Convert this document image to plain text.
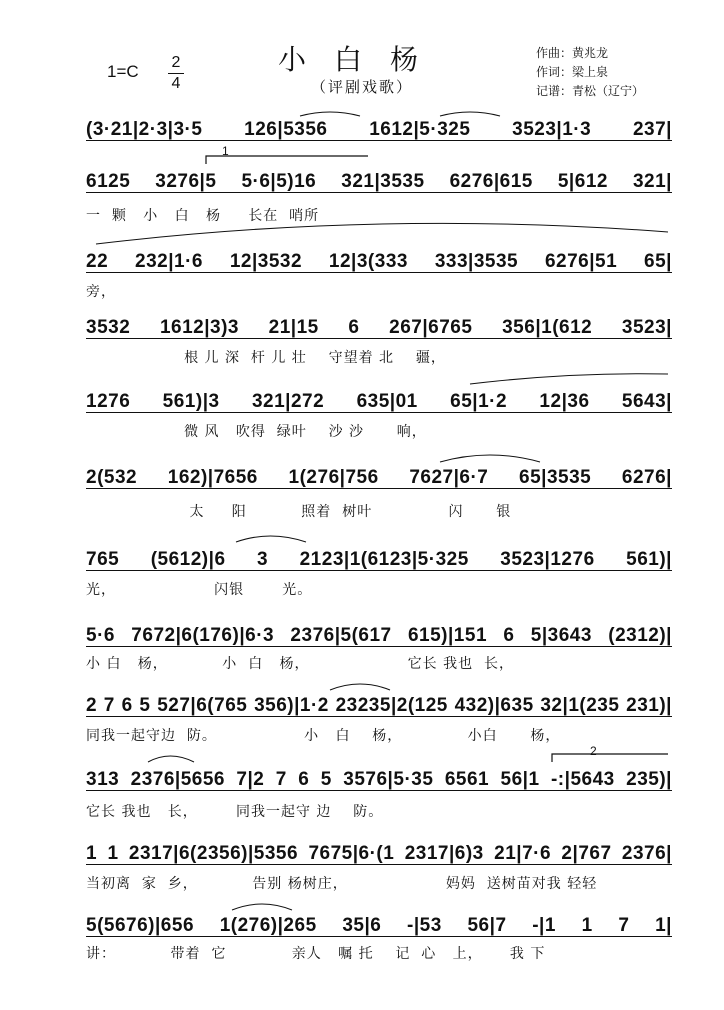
小白杨
（评剧戏歌）
1=C 2
4
作曲：黄兆龙
作词：梁上泉
记谱：青松（辽宁）
(3·21|2·3|3·5 126|5356 1612|5·325 3523|1·3 237|
1
6125 3276|5 5·6|5)16 321|3535 6276|615 5|612 321|
一  颗   小   白   杨     长在  哨所
22 232|1·6 12|3532 12|3(333 333|3535 6276|51 65|
旁，
3532 1612|3)3 21|15 6 267|6765 356|1(612 3523|
根 儿 深  杆 儿 壮    守望着 北    疆，
1276 561)|3 321|272 635|01 65|1·2 12|36 5643|
微 风   吹得  绿叶    沙 沙      响，
2(532 162)|7656 1(276|756 7627|6·7 65|3535 6276|
太     阳          照着  树叶              闪      银
765 (5612)|6 3 2123|1(6123|5·325 3523|1276 561)|
光，                  闪银       光。
5·6 7672|6(176)|6·3 2376|5(617 615)|151 6 5|3643 (2312)|
小 白   杨，          小  白   杨，                  它长 我也  长，
2 7 6 5 527|6(765 356)|1·2 23235|2(125 432)|635 32|1(235 231)|
同我一起守边  防。                小   白    杨，            小白      杨，
2
313 2376|5656 7|2 7 6 5 3576|5·35 6561 56|1 -:|5643 235)|
它长 我也   长，       同我一起守 边    防。
1 1 2317|6(2356)|5356 7675|6·(1 2317|6)3 21|7·6 2|767 2376|
当初离  家  乡，          告别 杨树庄，                  妈妈  送树苗对我 轻轻
5(5676)|656 1(276)|265 35|6 -|53 56|7 -|1 1 7 1|
讲：          带着  它            亲人   嘱 托    记  心   上，     我 下
